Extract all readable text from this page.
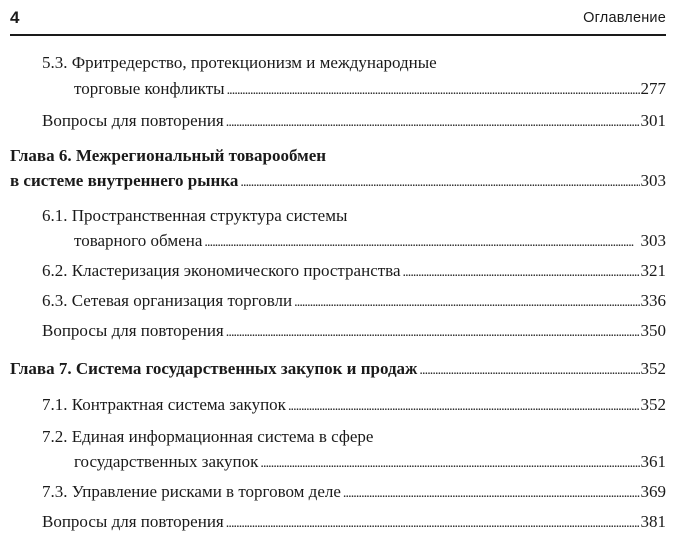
4	Оглавление
5.3. Фритредерство, протекционизм и международные
торговые конфликты . . .	277
Вопросы для повторения . . .	301
Глава 6. Межрегиональный товарообмен
в системе внутреннего рынка . . .	303
6.1. Пространственная структура системы
товарного обмена . . .	303
6.2.
Кластеризация экономического пространства . . .	321
6.3.
Сетевая организация торговли . . .	336
Вопросы для повторения . . .	350
Глава 7. Система государственных закупок и продаж . . .	352
7.1.
Контрактная система закупок . . .	352
7.2. Единая информационная система в сфере
государственных закупок . . .	361
7.3.
Управление рисками в торговом деле . . .	369
Вопросы для повторения . . .	381
